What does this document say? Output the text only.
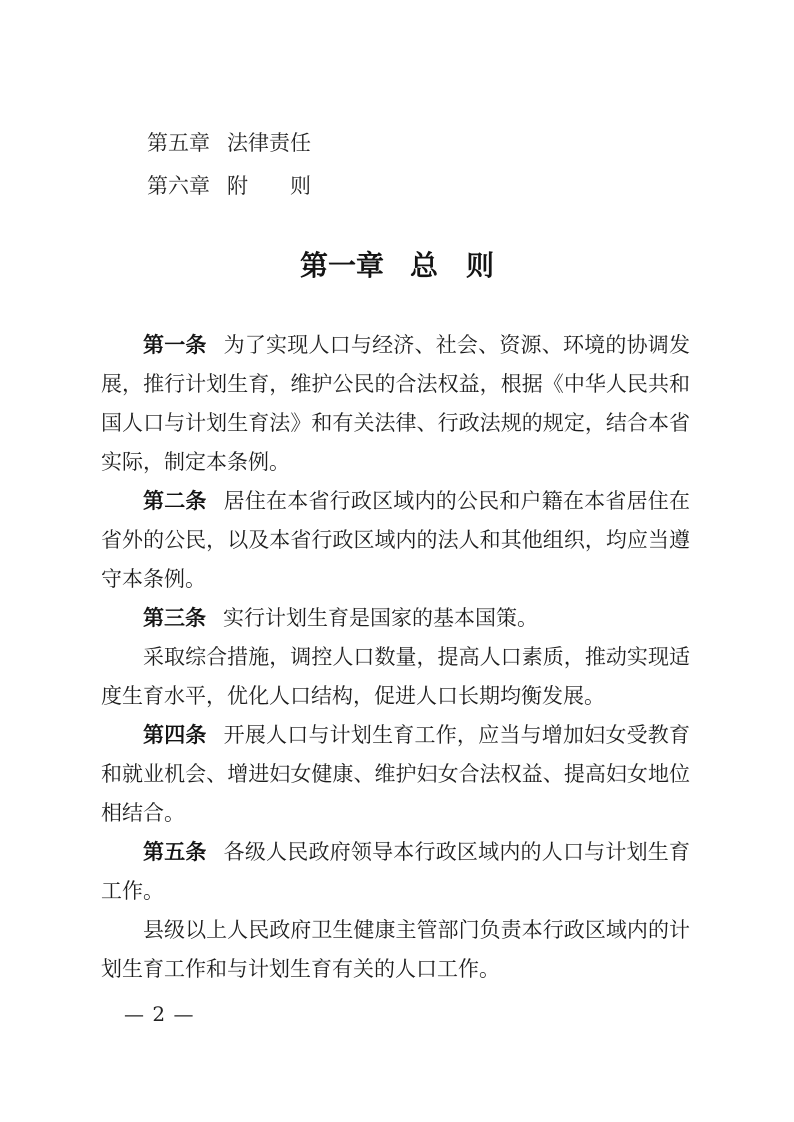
第五章 法律责任
第六章 附　　则
第一章 总　则

第一条 为了实现人口与经济、社会、资源、环境的协调发展，推行计划生育，维护公民的合法权益，根据《中华人民共和国人口与计划生育法》和有关法律、行政法规的规定，结合本省实际，制定本条例。

第二条 居住在本省行政区域内的公民和户籍在本省居住在省外的公民，以及本省行政区域内的法人和其他组织，均应当遵守本条例。

第三条 实行计划生育是国家的基本国策。

采取综合措施，调控人口数量，提高人口素质，推动实现适度生育水平，优化人口结构，促进人口长期均衡发展。

第四条 开展人口与计划生育工作，应当与增加妇女受教育和就业机会、增进妇女健康、维护妇女合法权益、提高妇女地位相结合。

第五条 各级人民政府领导本行政区域内的人口与计划生育工作。

县级以上人民政府卫生健康主管部门负责本行政区域内的计划生育工作和与计划生育有关的人口工作。

— 2 —
